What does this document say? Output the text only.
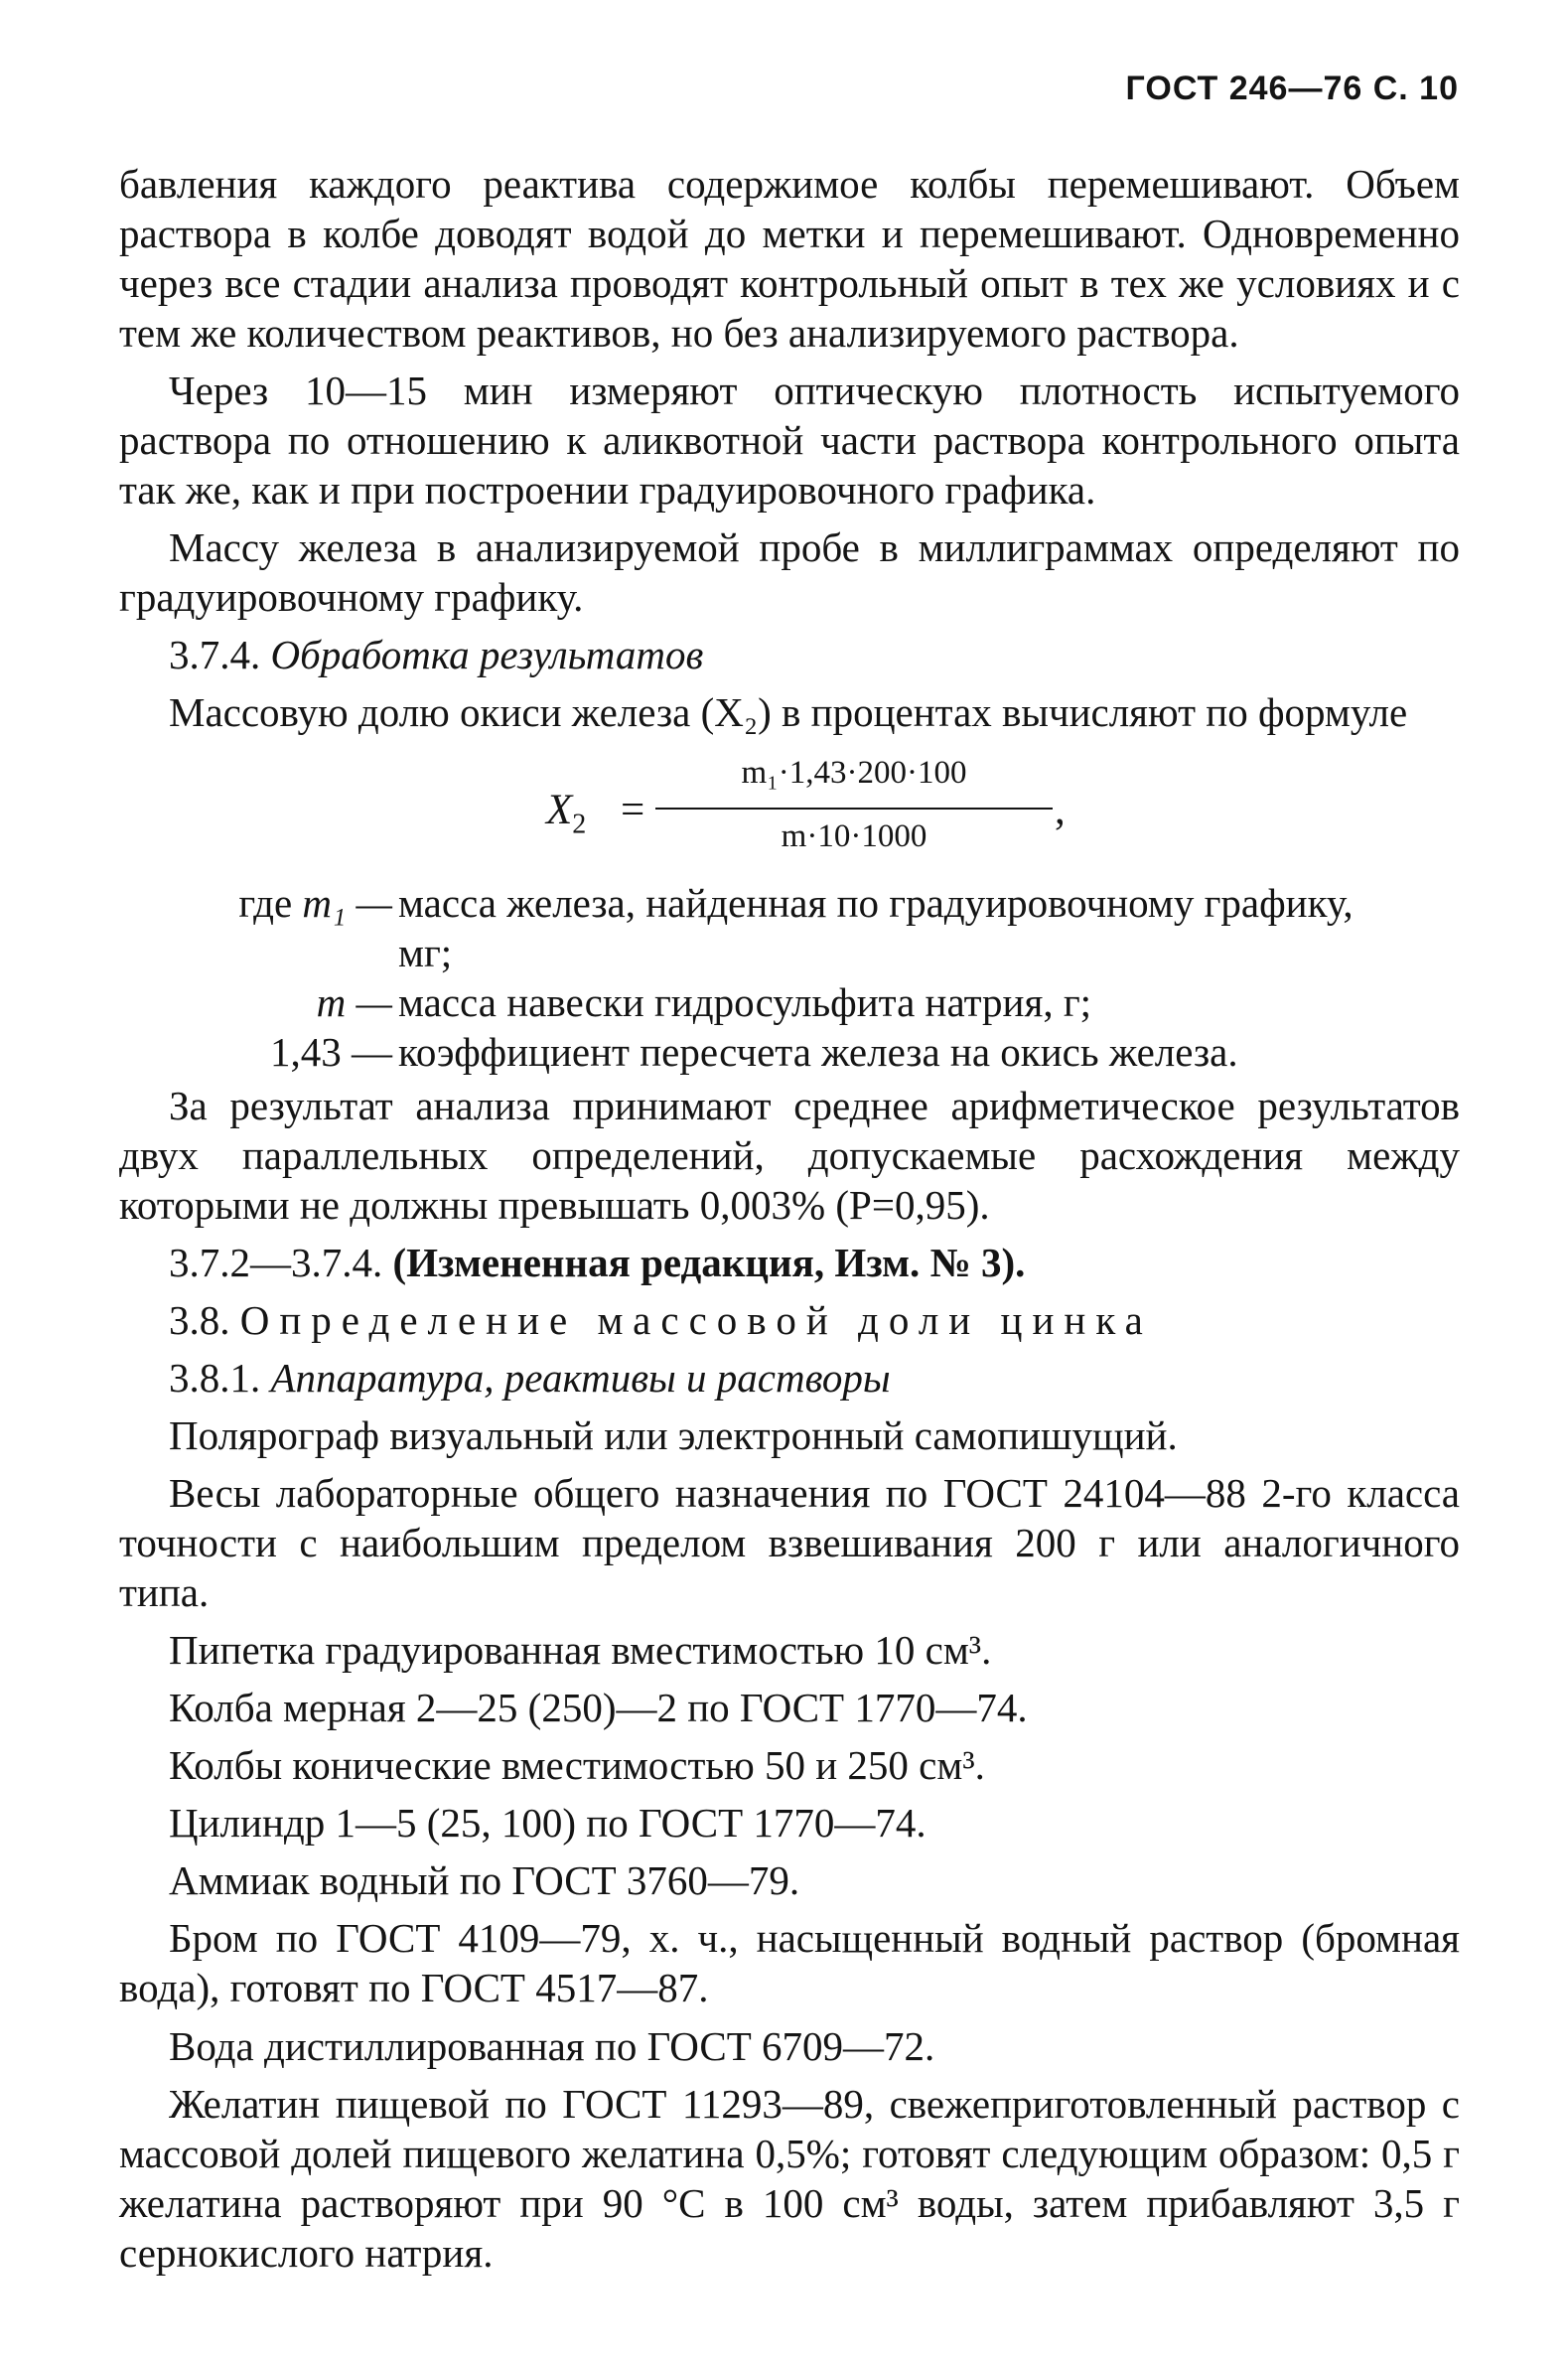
ГОСТ 246—76 С. 10

бавления каждого реактива содержимое колбы перемешивают. Объем раствора в колбе доводят водой до метки и перемешивают. Одновременно через все стадии анализа проводят контрольный опыт в тех же условиях и с тем же количеством реактивов, но без анализируемого раствора.

Через 10—15 мин измеряют оптическую плотность испытуемого раствора по отношению к аликвотной части раствора контрольного опыта так же, как и при построении градуировочного графика.

Массу железа в анализируемой пробе в миллиграммах определяют по градуировочному графику.

3.7.4. Обработка результатов

Массовую долю окиси железа (X₂) в процентах вычисляют по формуле

$X_2$ =
m₁·1,43·200·100
m·10·1000
,
где m₁ — масса железа, найденная по градуировочному графику,
мг;
m — масса навески гидросульфита натрия, г;
1,43 — коэффициент пересчета железа на окись железа.

За результат анализа принимают среднее арифметическое результатов двух параллельных определений, допускаемые расхождения между которыми не должны превышать 0,003% (P=0,95).

3.7.2—3.7.4. (Измененная редакция, Изм. № 3).

3.8. Определение массовой доли цинка

3.8.1. Аппаратура, реактивы и растворы

Полярограф визуальный или электронный самопишущий.

Весы лабораторные общего назначения по ГОСТ 24104—88 2-го класса точности с наибольшим пределом взвешивания 200 г или аналогичного типа.

Пипетка градуированная вместимостью 10 см³.

Колба мерная 2—25 (250)—2 по ГОСТ 1770—74.

Колбы конические вместимостью 50 и 250 см³.

Цилиндр 1—5 (25, 100) по ГОСТ 1770—74.

Аммиак водный по ГОСТ 3760—79.

Бром по ГОСТ 4109—79, х. ч., насыщенный водный раствор (бромная вода), готовят по ГОСТ 4517—87.

Вода дистиллированная по ГОСТ 6709—72.

Желатин пищевой по ГОСТ 11293—89, свежеприготовленный раствор с массовой долей пищевого желатина 0,5%; готовят следующим образом: 0,5 г желатина растворяют при 90 °С в 100 см³ воды, затем прибавляют 3,5 г сернокислого натрия.
